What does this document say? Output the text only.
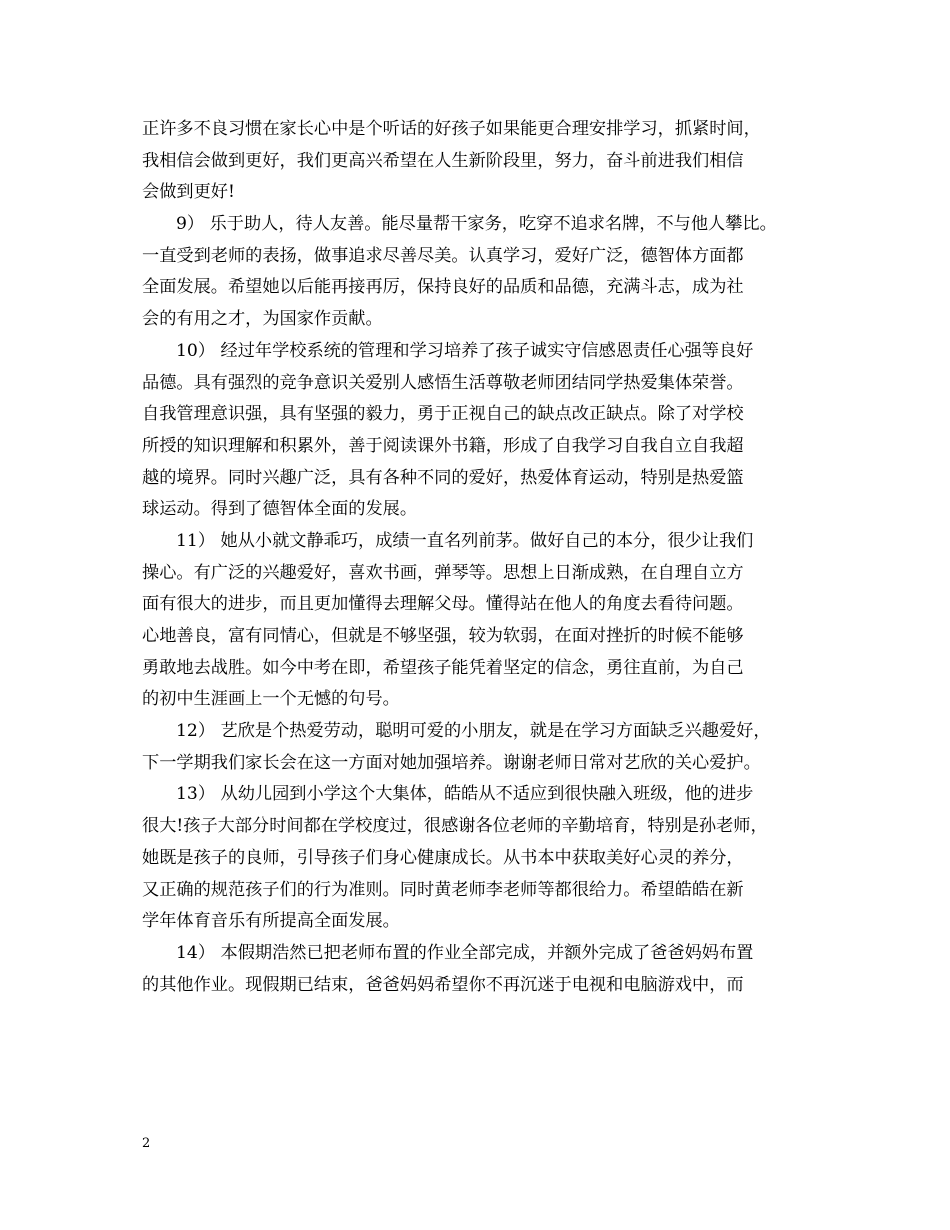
正许多不良习惯在家长心中是个听话的好孩子如果能更合理安排学习，抓紧时间，
我相信会做到更好，我们更高兴希望在人生新阶段里，努力，奋斗前进我们相信
会做到更好!
9） 乐于助人，待人友善。能尽量帮干家务，吃穿不追求名牌，不与他人攀比。
一直受到老师的表扬，做事追求尽善尽美。认真学习，爱好广泛，德智体方面都
全面发展。希望她以后能再接再厉，保持良好的品质和品德，充满斗志，成为社
会的有用之才，为国家作贡献。
10） 经过年学校系统的管理和学习培养了孩子诚实守信感恩责任心强等良好
品德。具有强烈的竞争意识关爱别人感悟生活尊敬老师团结同学热爱集体荣誉。
自我管理意识强，具有坚强的毅力，勇于正视自己的缺点改正缺点。除了对学校
所授的知识理解和积累外，善于阅读课外书籍，形成了自我学习自我自立自我超
越的境界。同时兴趣广泛，具有各种不同的爱好，热爱体育运动，特别是热爱篮
球运动。得到了德智体全面的发展。
11） 她从小就文静乖巧，成绩一直名列前茅。做好自己的本分，很少让我们
操心。有广泛的兴趣爱好，喜欢书画，弹琴等。思想上日渐成熟，在自理自立方
面有很大的进步，而且更加懂得去理解父母。懂得站在他人的角度去看待问题。
心地善良，富有同情心，但就是不够坚强，较为软弱，在面对挫折的时候不能够
勇敢地去战胜。如今中考在即，希望孩子能凭着坚定的信念，勇往直前，为自己
的初中生涯画上一个无憾的句号。
12） 艺欣是个热爱劳动，聪明可爱的小朋友，就是在学习方面缺乏兴趣爱好，
下一学期我们家长会在这一方面对她加强培养。谢谢老师日常对艺欣的关心爱护。
13） 从幼儿园到小学这个大集体，皓皓从不适应到很快融入班级，他的进步
很大!孩子大部分时间都在学校度过，很感谢各位老师的辛勤培育，特别是孙老师，
她既是孩子的良师，引导孩子们身心健康成长。从书本中获取美好心灵的养分，
又正确的规范孩子们的行为准则。同时黄老师李老师等都很给力。希望皓皓在新
学年体育音乐有所提高全面发展。
14） 本假期浩然已把老师布置的作业全部完成，并额外完成了爸爸妈妈布置
的其他作业。现假期已结束，爸爸妈妈希望你不再沉迷于电视和电脑游戏中，而
2
